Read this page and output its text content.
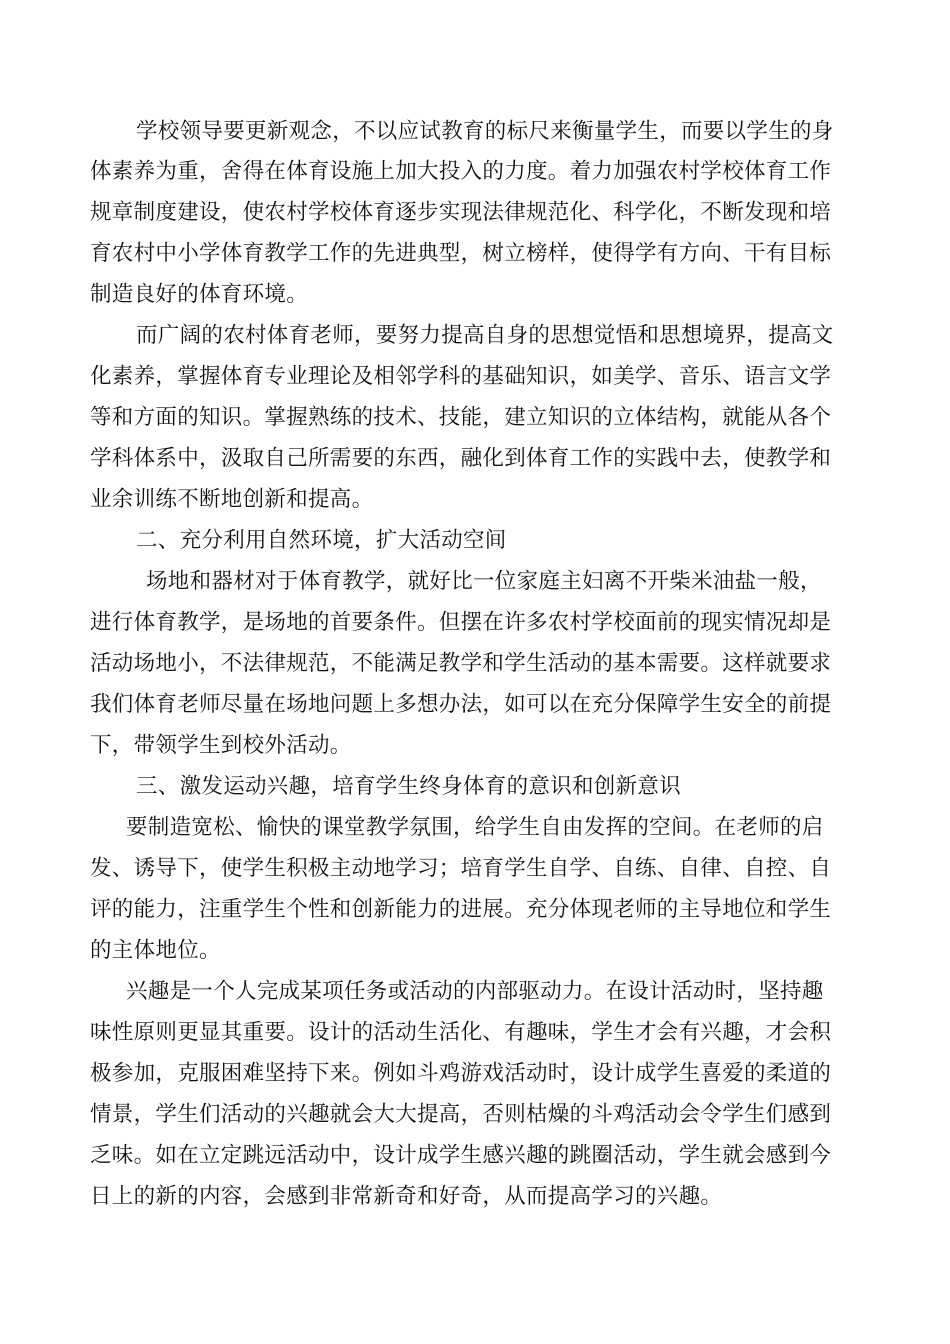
学校领导要更新观念，不以应试教育的标尺来衡量学生，而要以学生的身
体素养为重，舍得在体育设施上加大投入的力度。着力加强农村学校体育工作
规章制度建设，使农村学校体育逐步实现法律规范化、科学化，不断发现和培
育农村中小学体育教学工作的先进典型，树立榜样，使得学有方向、干有目标
制造良好的体育环境。
而广阔的农村体育老师，要努力提高自身的思想觉悟和思想境界，提高文
化素养，掌握体育专业理论及相邻学科的基础知识，如美学、音乐、语言文学
等和方面的知识。掌握熟练的技术、技能，建立知识的立体结构，就能从各个
学科体系中，汲取自己所需要的东西，融化到体育工作的实践中去，使教学和
业余训练不断地创新和提高。
二、充分利用自然环境，扩大活动空间
场地和器材对于体育教学，就好比一位家庭主妇离不开柴米油盐一般，
进行体育教学，是场地的首要条件。但摆在许多农村学校面前的现实情况却是
活动场地小，不法律规范，不能满足教学和学生活动的基本需要。这样就要求
我们体育老师尽量在场地问题上多想办法，如可以在充分保障学生安全的前提
下，带领学生到校外活动。
三、激发运动兴趣，培育学生终身体育的意识和创新意识
要制造宽松、愉快的课堂教学氛围，给学生自由发挥的空间。在老师的启
发、诱导下，使学生积极主动地学习；培育学生自学、自练、自律、自控、自
评的能力，注重学生个性和创新能力的进展。充分体现老师的主导地位和学生
的主体地位。
兴趣是一个人完成某项任务或活动的内部驱动力。在设计活动时，坚持趣
味性原则更显其重要。设计的活动生活化、有趣味，学生才会有兴趣，才会积
极参加，克服困难坚持下来。例如斗鸡游戏活动时，设计成学生喜爱的柔道的
情景，学生们活动的兴趣就会大大提高，否则枯燥的斗鸡活动会令学生们感到
乏味。如在立定跳远活动中，设计成学生感兴趣的跳圈活动，学生就会感到今
日上的新的内容，会感到非常新奇和好奇，从而提高学习的兴趣。
